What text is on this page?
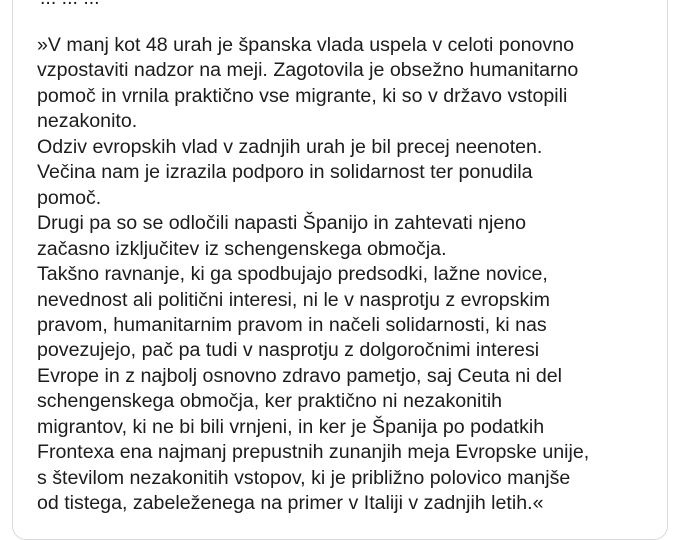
»V manj kot 48 urah je španska vlada uspela v celoti ponovno
vzpostaviti nadzor na meji. Zagotovila je obsežno humanitarno
pomoč in vrnila praktično vse migrante, ki so v državo vstopili
nezakonito.
Odziv evropskih vlad v zadnjih urah je bil precej neenoten.
Večina nam je izrazila podporo in solidarnost ter ponudila
pomoč.
Drugi pa so se odločili napasti Španijo in zahtevati njeno
začasno izključitev iz schengenskega območja.
Takšno ravnanje, ki ga spodbujajo predsodki, lažne novice,
nevednost ali politični interesi, ni le v nasprotju z evropskim
pravom, humanitarnim pravom in načeli solidarnosti, ki nas
povezujejo, pač pa tudi v nasprotju z dolgoročnimi interesi
Evrope in z najbolj osnovno zdravo pametjo, saj Ceuta ni del
schengenskega območja, ker praktično ni nezakonitih
migrantov, ki ne bi bili vrnjeni, in ker je Španija po podatkih
Frontexa ena najmanj prepustnih zunanjih meja Evropske unije,
s številom nezakonitih vstopov, ki je približno polovico manjše
od tistega, zabeleženega na primer v Italiji v zadnjih letih.«
